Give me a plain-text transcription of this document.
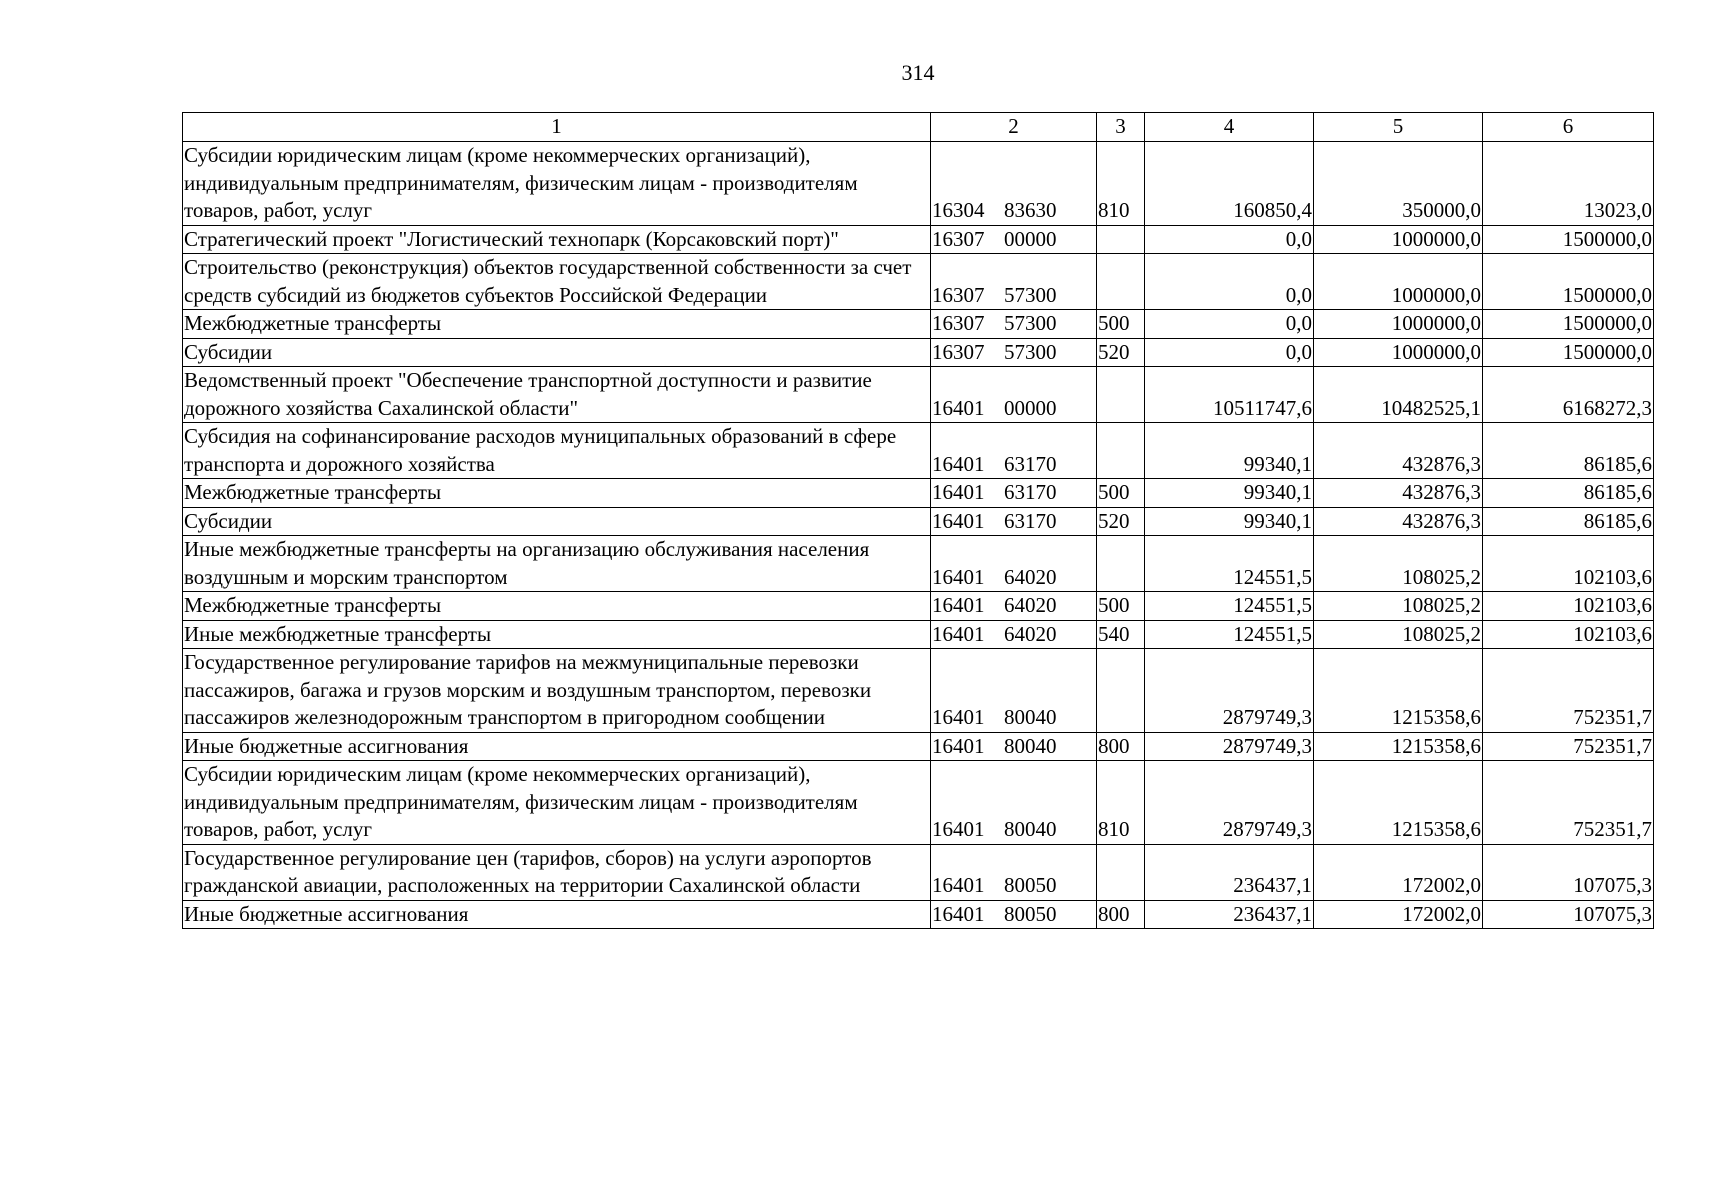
314
1	2	3	4	5	6
Субсидии юридическим лицам (кроме некоммерческих организаций), индивидуальным предпринимателям, физическим лицам - производителям товаров, работ, услуг	16304 83630	810	160850,4	350000,0	13023,0
Стратегический проект "Логистический технопарк (Корсаковский порт)"	16307 00000		0,0	1000000,0	1500000,0
Строительство (реконструкция) объектов государственной собственности за счет средств субсидий из бюджетов субъектов Российской Федерации	16307 57300		0,0	1000000,0	1500000,0
Межбюджетные трансферты	16307 57300	500	0,0	1000000,0	1500000,0
Субсидии	16307 57300	520	0,0	1000000,0	1500000,0
Ведомственный проект "Обеспечение транспортной доступности и развитие дорожного хозяйства Сахалинской области"	16401 00000		10511747,6	10482525,1	6168272,3
Субсидия на софинансирование расходов муниципальных образований в сфере транспорта и дорожного хозяйства	16401 63170		99340,1	432876,3	86185,6
Межбюджетные трансферты	16401 63170	500	99340,1	432876,3	86185,6
Субсидии	16401 63170	520	99340,1	432876,3	86185,6
Иные межбюджетные трансферты на организацию обслуживания населения воздушным и морским транспортом	16401 64020		124551,5	108025,2	102103,6
Межбюджетные трансферты	16401 64020	500	124551,5	108025,2	102103,6
Иные межбюджетные трансферты	16401 64020	540	124551,5	108025,2	102103,6
Государственное регулирование тарифов на межмуниципальные перевозки пассажиров, багажа и грузов морским и воздушным транспортом, перевозки пассажиров железнодорожным транспортом в пригородном сообщении	16401 80040		2879749,3	1215358,6	752351,7
Иные бюджетные ассигнования	16401 80040	800	2879749,3	1215358,6	752351,7
Субсидии юридическим лицам (кроме некоммерческих организаций), индивидуальным предпринимателям, физическим лицам - производителям товаров, работ, услуг	16401 80040	810	2879749,3	1215358,6	752351,7
Государственное регулирование цен (тарифов, сборов) на услуги аэропортов гражданской авиации, расположенных на территории Сахалинской области	16401 80050		236437,1	172002,0	107075,3
Иные бюджетные ассигнования	16401 80050	800	236437,1	172002,0	107075,3
